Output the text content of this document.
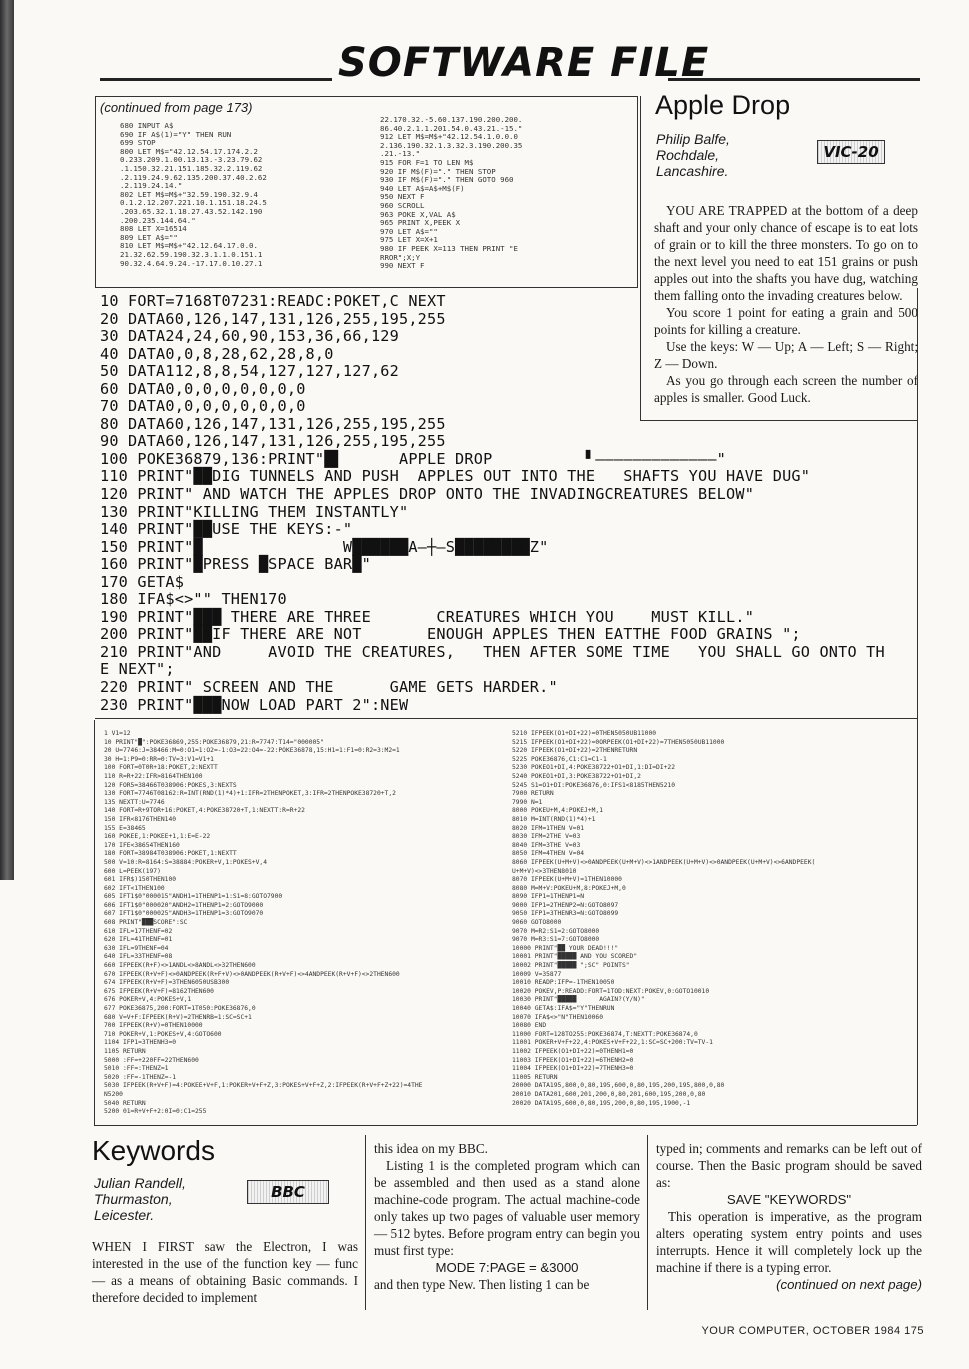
SOFTWARE FILE
(continued from page 173)
680 INPUT A$
690 IF A$(1)="Y" THEN RUN
699 STOP
800 LET M$="42.12.54.17.174.2.2
0.233.209.1.00.13.13.-3.23.79.62
.1.150.32.21.151.185.32.2.119.62
.2.119.24.9.62.135.200.37.40.2.62
.2.119.24.14."
802 LET M$=M$+"32.59.190.32.9.4
0.1.2.12.207.221.10.1.151.18.24.5
.203.65.32.1.18.27.43.52.142.190
.200.235.144.64."
808 LET X=16514
809 LET A$=""
810 LET M$=M$+"42.12.64.17.0.0.
21.32.62.59.190.32.3.1.1.0.151.1
90.32.4.64.9.24.-17.17.0.10.27.1
22.170.32.-5.60.137.190.200.200.
86.40.2.1.1.201.54.0.43.21.-15."
912 LET M$=M$+"42.12.54.1.0.0.0
2.136.190.32.1.3.32.3.190.200.35
.21.-13."
915 FOR F=1 TO LEN M$
920 IF M$(F)="." THEN STOP
930 IF M$(F)="." THEN GOTO 960
940 LET A$=A$+M$(F)
950 NEXT F
960 SCROLL
963 POKE X,VAL A$
965 PRINT X,PEEK X
970 LET A$=""
975 LET X=X+1
980 IF PEEK X=113 THEN PRINT "E
RROR";X;Y
990 NEXT F
Apple Drop
Philip Balfe,
Rochdale,
Lancashire.
VIC-20

YOU ARE TRAPPED at the bottom of a deep shaft and your only chance of escape is to eat lots of grain or to kill the three monsters. To go on to the next level you need to eat 151 grains or push apples out into the shafts you have dug, watching them falling onto the invading creatures below.

You score 1 point for eating a grain and 500 points for killing a creature.

Use the keys: W — Up; A — Left; S — Right; Z — Down.

As you go through each screen the number of apples is smaller. Good Luck.

10 FORT=7168T07231:READC:POKET,C NEXT
20 DATA60,126,147,131,126,255,195,255
30 DATA24,24,60,90,153,36,66,129
40 DATA0,0,8,28,62,28,8,0
50 DATA112,8,8,54,127,127,127,62
60 DATA0,0,0,0,0,0,0,0
70 DATA0,0,0,0,0,0,0,0
80 DATA60,126,147,131,126,255,195,255
90 DATA60,126,147,131,126,255,195,255
100 POKE36879,136:PRINT"█▌      APPLE DROP          ▘—————————————"
110 PRINT"██DIG TUNNELS AND PUSH  APPLES OUT INTO THE   SHAFTS YOU HAVE DUG"
120 PRINT" AND WATCH THE APPLES DROP ONTO THE INVADINGCREATURES BELOW"
130 PRINT"KILLING THEM INSTANTLY"
140 PRINT"██USE THE KEYS:-"
150 PRINT"█               W██████A—┼—S████████Z"
160 PRINT"█PRESS █SPACE BAR█"
170 GETA$
180 IFA$<>"" THEN170
190 PRINT"███ THERE ARE THREE       CREATURES WHICH YOU    MUST KILL."
200 PRINT"██IF THERE ARE NOT       ENOUGH APPLES THEN EATTHE FOOD GRAINS ";
210 PRINT"AND     AVOID THE CREATURES,   THEN AFTER SOME TIME   YOU SHALL GO ONTO TH
E NEXT";
220 PRINT" SCREEN AND THE      GAME GETS HARDER."
230 PRINT"███NOW LOAD PART 2":NEW
1 V1=12
10 PRINT"█":POKE36869,255:POKE36879,21:R=7747:T14="000005"
20 U=7746:J=38466:M=0:O1=1:O2=-1:O3=22:O4=-22:POKE36878,15:H1=1:F1=0:R2=3:M2=1
30 H=1:P9=0:RR=0:TV=3:V1=V1+1
100 FORT=0T0R+18:POKET,2:NEXTT
110 R=R+22:IFR>8164THEN100
120 FOR5=38466T038906:POKES,3:NEXTS
130 FORT=7746T08162:R=INT(RND(1)*4)+1:IFR=2THENPOKET,3:IFR=2THENPOKE38720+T,2
135 NEXTT:U=7746
140 FORT=R+9TOR+16:POKET,4:POKE38720+T,1:NEXTT:R=R+22
150 IFR<8176THEN140
155 E=38465
160 POKEE,1:POKEE+1,1:E=E-22
170 IFE<38654THEN160
180 FORT=38984T038906:POKET,1:NEXTT
500 V=10:R=8164:S=38884:POKER+V,1:POKES+V,4
600 L=PEEK(197)
601 IFR$)150THEN100
602 IFT<1THEN100
605 IFT1$0"000015"ANDH1=1THENP1=1:S1=8:GOTO7900
606 IFT1$0"000020"ANDH2=1THENP1=2:GOTO9000
607 IFT1$0"000025"ANDH3=1THENP1=3:GOTO9070
608 PRINT"███SCORE":SC
610 IFL=17THENF=02
620 IFL=41THENF=01
630 IFL=9THENF=04
640 IFL=33THENF=08
660 IFPEEK(R+F)<>1ANDL<>8ANDL<>32THEN600
670 IFPEEK(R+V+F)<>0ANDPEEK(R+F+V)<>0ANDPEEK(R+V+F)<>4ANDPEEK(R+V+F)<>2THEN600
674 IFPEEK(R+V+F)=3THEN6050USB300
675 IFPEEK(R+V+F)=8162THEN600
676 POKER+V,4:POKES+V,1
677 POKE36875,200:FORT=1T050:POKE36876,0
680 V=V+F:IFPEEK(R+V)=2THENRB=1:SC=SC+1
700 IFPEEK(R+V)=0THEN10000
710 POKER+V,1:POKES+V,4:GOTO600
1104 IFP1=3THENH3=0
1105 RETURN
5000 :FF=+220FF=22THEN600
5010 :FF=:THENZ=1
5020 :FF=-1THENZ=-1
5030 IFPEEK(R+V+F)=4:POKEE+V+F,1:POKER+V+F+Z,3:POKES+V+F+Z,2:IFPEEK(R+V+F+Z+22)=4THE
N5200
5040 RETURN
5200 01=R+V+F+2:0I=0:C1=255
5210 IFPEEK(O1+DI+22)=0THEN5050UB11000
5215 IFPEEK(O1+DI+22)=0ORPEEK(O1+DI+22)=7THEN5050UB11000
5220 IFPEEK(O1+DI+22)=2THENRETURN
5225 POKE36876,C1:C1=C1-1
5230 POKEO1+DI,4:POKE38722+O1+DI,1:DI=DI+22
5240 POKEO1+DI,3:POKE38722+O1+DI,2
5245 S1=O1+DI:POKE36876,0:IFS1<8185THEN5210
7900 RETURN
7990 N=1
8000 POKEU+M,4:POKEJ+M,1
8010 M=INT(RND(1)*4)+1
8020 IFM=1THEN V=01
8030 IFM=2THE V=03
8040 IFM=3THE V=03
8050 IFM=4THEN V=04
8060 IFPEEK(U+M+V)<>0ANDPEEK(U+M+V)<>1ANDPEEK(U+M+V)<>0ANDPEEK(U+M+V)<>6ANDPEEK(
U+M+V)<>3THEN8010
8070 IFPEEK(U+M+V)=1THEN10000
8080 M=M+V:POKEU+M,8:POKEJ+M,0
8090 IFP1=1THENP1=N
9000 IFP1=2THENP2=N:GOTO8097
9050 IFP1=3THENR3=N:GOTO8099
9060 GOTO8000
9070 M=R2:S1=2:GOTO8000
9070 M=R3:S1=7:GOTO8000
10000 PRINT"██ YOUR DEAD!!!"
10001 PRINT"█████ AND YOU SCORED"
10002 PRINT"█████ ";SC" POINTS"
10009 V=35877
10010 READP:IFP=-1THEN10050
10020 POKEV,P:READD:FORT=1TOD:NEXT:POKEV,0:GOTO10010
10030 PRINT"█████      AGAIN?(Y/N)"
10040 GETA$:IFA$="Y"THENRUN
10070 IFA$<>"N"THEN10060
10080 END
11000 FORT=128TO255:POKE36874,T:NEXTT:POKE36874,0
11001 POKER+V+F+22,4:POKES+V+F+22,1:SC=SC+200:TV=TV-1
11002 IFPEEK(O1+DI+22)=0THENH1=0
11003 IFPEEK(O1+DI+22)=6THENH2=0
11004 IFPEEK(O1+DI+22)=7THENH3=0
11005 RETURN
20000 DATA195,800,0,80,195,600,0,80,195,200,195,800,0,80
20010 DATA201,600,201,200,0,80,201,600,195,200,0,80
20020 DATA195,600,0,80,195,200,0,80,195,1900,-1
Keywords
Julian Randell,
Thurmaston,
Leicester.
BBC

WHEN I FIRST saw the Electron, I was interested in the use of the function key — func — as a means of obtaining Basic commands. I therefore decided to implement

this idea on my BBC.

Listing 1 is the completed program which can be assembled and then used as a stand alone machine-code program. The actual machine-code only takes up two pages of valuable user memory — 512 bytes. Before program entry can begin you must first type:

MODE 7:PAGE = &3000

and then type New. Then listing 1 can be

typed in; comments and remarks can be left out of course. Then the Basic program should be saved as:

SAVE "KEYWORDS"

This operation is imperative, as the program alters operating system entry points and uses interrupts. Hence it will completely lock up the machine if there is a typing error.

(continued on next page)

YOUR COMPUTER, OCTOBER 1984 175
